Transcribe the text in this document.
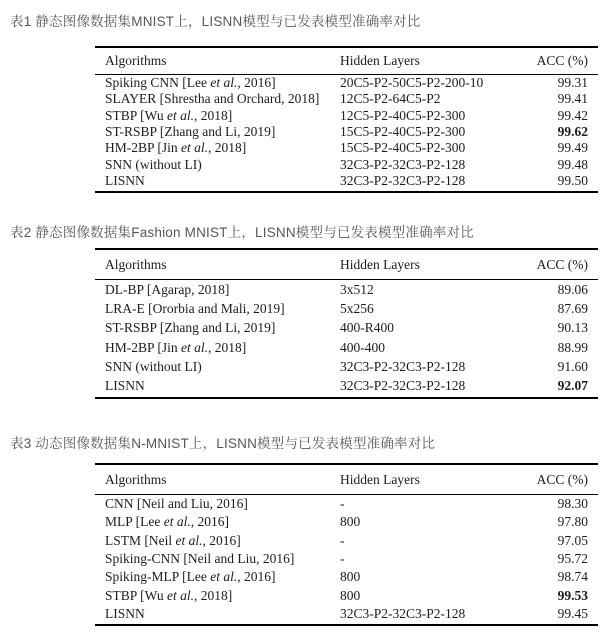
表1 静态图像数据集MNIST上，LISNN模型与已发表模型准确率对比
表2 静态图像数据集Fashion MNIST上，LISNN模型与已发表模型准确率对比
表3 动态图像数据集N-MNIST上，LISNN模型与已发表模型准确率对比
Algorithms	Hidden Layers	ACC (%)
Spiking CNN [Lee et al., 2016]	20C5-P2-50C5-P2-200-10	99.31
SLAYER [Shrestha and Orchard, 2018]	12C5-P2-64C5-P2	99.41
STBP [Wu et al., 2018]	12C5-P2-40C5-P2-300	99.42
ST-RSBP [Zhang and Li, 2019]	15C5-P2-40C5-P2-300	99.62
HM-2BP [Jin et al., 2018]	15C5-P2-40C5-P2-300	99.49
SNN (without LI)	32C3-P2-32C3-P2-128	99.48
LISNN	32C3-P2-32C3-P2-128	99.50
Algorithms	Hidden Layers	ACC (%)
DL-BP [Agarap, 2018]	3x512	89.06
LRA-E [Ororbia and Mali, 2019]	5x256	87.69
ST-RSBP [Zhang and Li, 2019]	400-R400	90.13
HM-2BP [Jin et al., 2018]	400-400	88.99
SNN (without LI)	32C3-P2-32C3-P2-128	91.60
LISNN	32C3-P2-32C3-P2-128	92.07
Algorithms	Hidden Layers	ACC (%)
CNN [Neil and Liu, 2016]	-	98.30
MLP [Lee et al., 2016]	800	97.80
LSTM [Neil et al., 2016]	-	97.05
Spiking-CNN [Neil and Liu, 2016]	-	95.72
Spiking-MLP [Lee et al., 2016]	800	98.74
STBP [Wu et al., 2018]	800	99.53
LISNN	32C3-P2-32C3-P2-128	99.45
